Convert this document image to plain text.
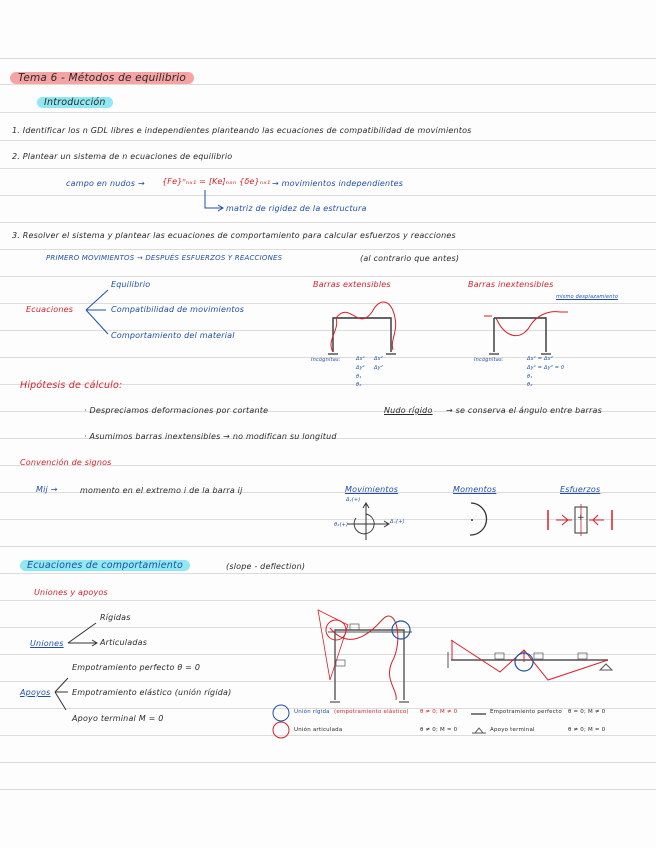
Tema 6 - Métodos de equilibrio
Introducción
1. Identificar los n GDL libres e independientes planteando las ecuaciones de compatibilidad de movimientos
2. Plantear un sistema de n ecuaciones de equilibrio
campo en nudos → {Fe}ⁿₙₓ₁ = [Ke]ₙₓₙ {δe}ₙₓ₁ → movimientos independientes
matriz de rigidez de la estructura
3. Resolver el sistema y plantear las ecuaciones de comportamiento para calcular esfuerzos y reacciones
PRIMERO MOVIMIENTOS → DESPUÉS ESFUERZOS Y REACCIONES	(al contrario que antes)
Ecuaciones
Equilibrio
Compatibilidad de movimientos
Comportamiento del material
Barras extensibles	Barras inextensibles
mismo desplazamiento
Incógnitas:	Δx¹ Δx²
Δy¹ Δy²
θ₁
θ₂
Incógnitas:	Δx¹ = Δx²
Δy¹ = Δy² = 0
θ₁
θ₂
Hipótesis de cálculo:
· Despreciamos deformaciones por cortante	Nudo rígido → se conserva el ángulo entre barras
· Asumimos barras inextensibles → no modifican su longitud
Convención de signos
Mij →	momento en el extremo i de la barra ij	Movimientos	Momentos	Esfuerzos
Δᵧ(+)
θ₂(+)	Δₓ(+)	+
Ecuaciones de comportamiento	(slope - deflection)
Uniones y apoyos
Uniones
Rígidas
Articuladas
Apoyos
Empotramiento perfecto θ = 0
Empotramiento elástico (unión rígida)
Apoyo terminal M = 0
Unión rígida (empotramiento elástico) θ ≠ 0; M ≠ 0
Unión articulada	θ ≠ 0; M = 0
Empotramiento perfecto θ = 0; M ≠ 0
Apoyo terminal	θ ≠ 0; M = 0
